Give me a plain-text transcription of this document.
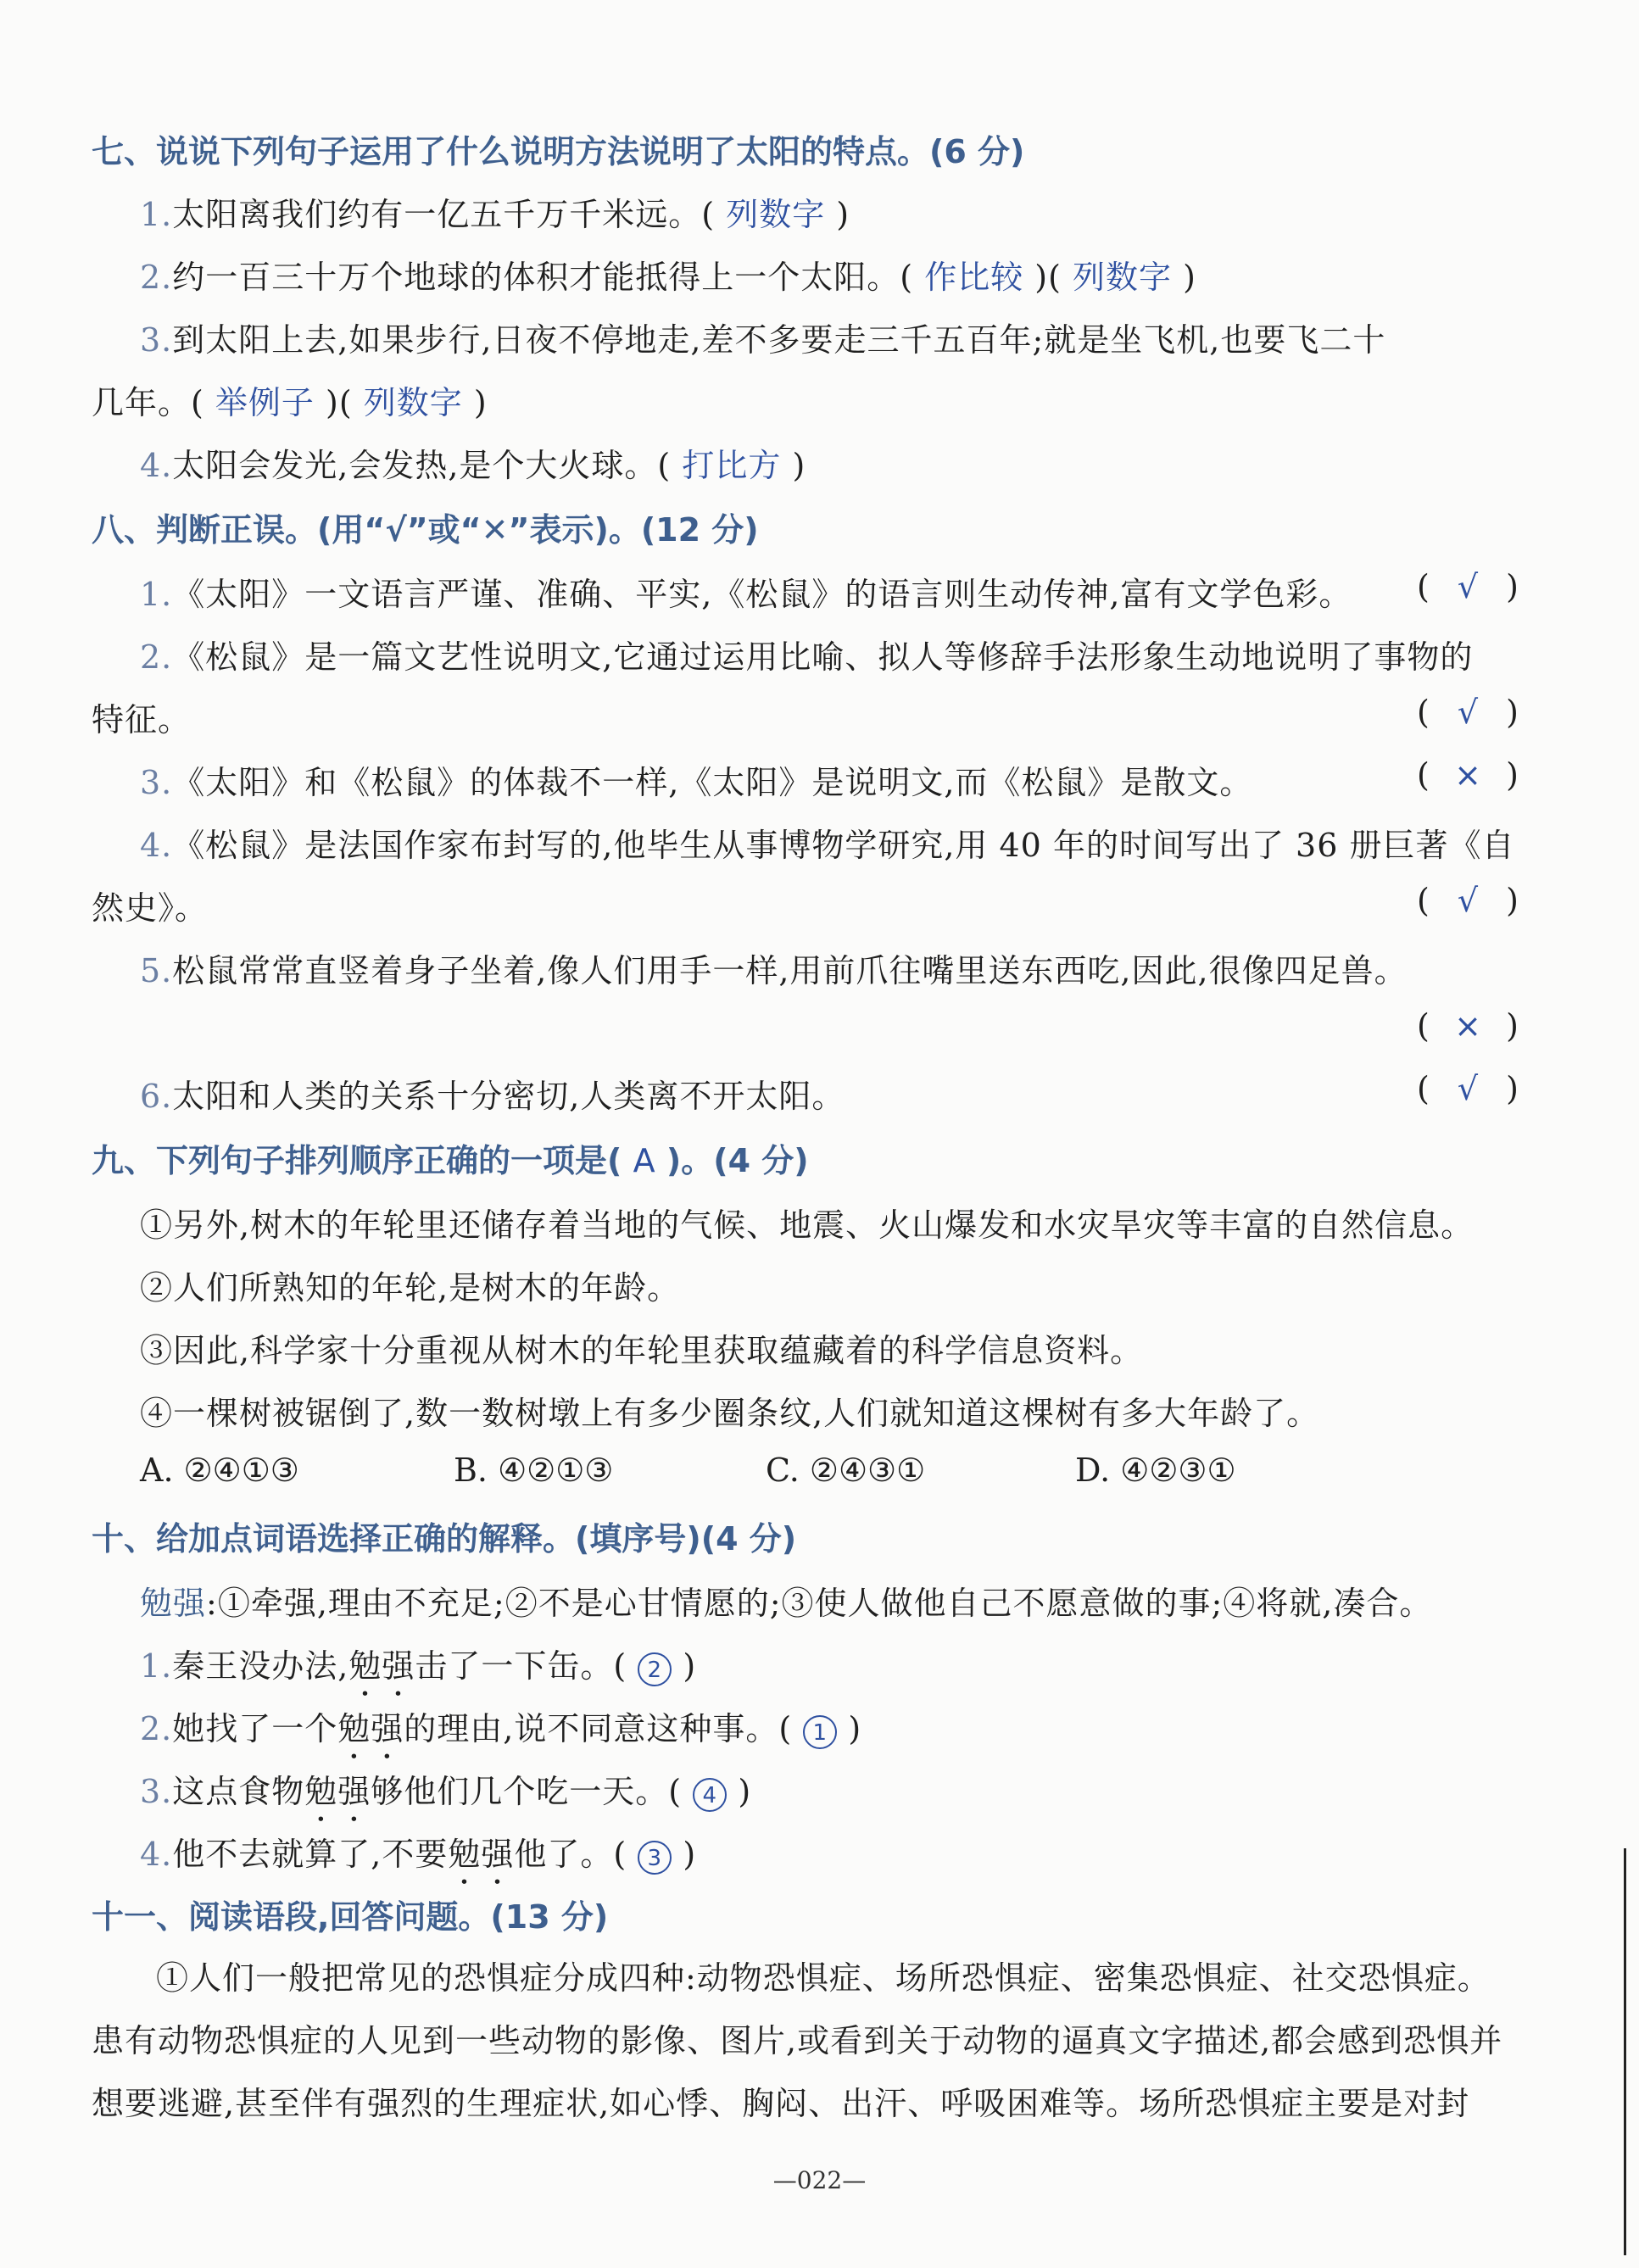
七、说说下列句子运用了什么说明方法说明了太阳的特点。(6 分)
1.太阳离我们约有一亿五千万千米远。( 列数字 )
2.约一百三十万个地球的体积才能抵得上一个太阳。( 作比较 )( 列数字 )
3.到太阳上去,如果步行,日夜不停地走,差不多要走三千五百年;就是坐飞机,也要飞二十
几年。( 举例子 )( 列数字 )
4.太阳会发光,会发热,是个大火球。( 打比方 )
八、判断正误。(用“√”或“✕”表示)。(12 分)
1.《太阳》一文语言严谨、准确、平实,《松鼠》的语言则生动传神,富有文学色彩。 ( √ )
2.《松鼠》是一篇文艺性说明文,它通过运用比喻、拟人等修辞手法形象生动地说明了事物的
特征。	( √ )
3.《太阳》和《松鼠》的体裁不一样,《太阳》是说明文,而《松鼠》是散文。	( × )
4.《松鼠》是法国作家布封写的,他毕生从事博物学研究,用 40 年的时间写出了 36 册巨著《自
然史》。	( √ )
5.松鼠常常直竖着身子坐着,像人们用手一样,用前爪往嘴里送东西吃,因此,很像四足兽。
( × )
6.太阳和人类的关系十分密切,人类离不开太阳。	( √ )
九、下列句子排列顺序正确的一项是( A )。(4 分)
①另外,树木的年轮里还储存着当地的气候、地震、火山爆发和水灾旱灾等丰富的自然信息。
②人们所熟知的年轮,是树木的年龄。
③因此,科学家十分重视从树木的年轮里获取蕴藏着的科学信息资料。
④一棵树被锯倒了,数一数树墩上有多少圈条纹,人们就知道这棵树有多大年龄了。
A. ②④①③	B. ④②①③	C. ②④③①	D. ④②③①
十、给加点词语选择正确的解释。(填序号)(4 分)
勉强:①牵强,理由不充足;②不是心甘情愿的;③使人做他自己不愿意做的事;④将就,凑合。
1.秦王没办法,勉强击了一下缶。( 2 )
2.她找了一个勉强的理由,说不同意这种事。( 1 )
3.这点食物勉强够他们几个吃一天。( 4 )
4.他不去就算了,不要勉强他了。( 3 )
十一、阅读语段,回答问题。(13 分)
①人们一般把常见的恐惧症分成四种:动物恐惧症、场所恐惧症、密集恐惧症、社交恐惧症。患有动物恐惧症的人见到一些动物的影像、图片,或看到关于动物的逼真文字描述,都会感到恐惧并想要逃避,甚至伴有强烈的生理症状,如心悸、胸闷、出汗、呼吸困难等。场所恐惧症主要是对封
—022—
